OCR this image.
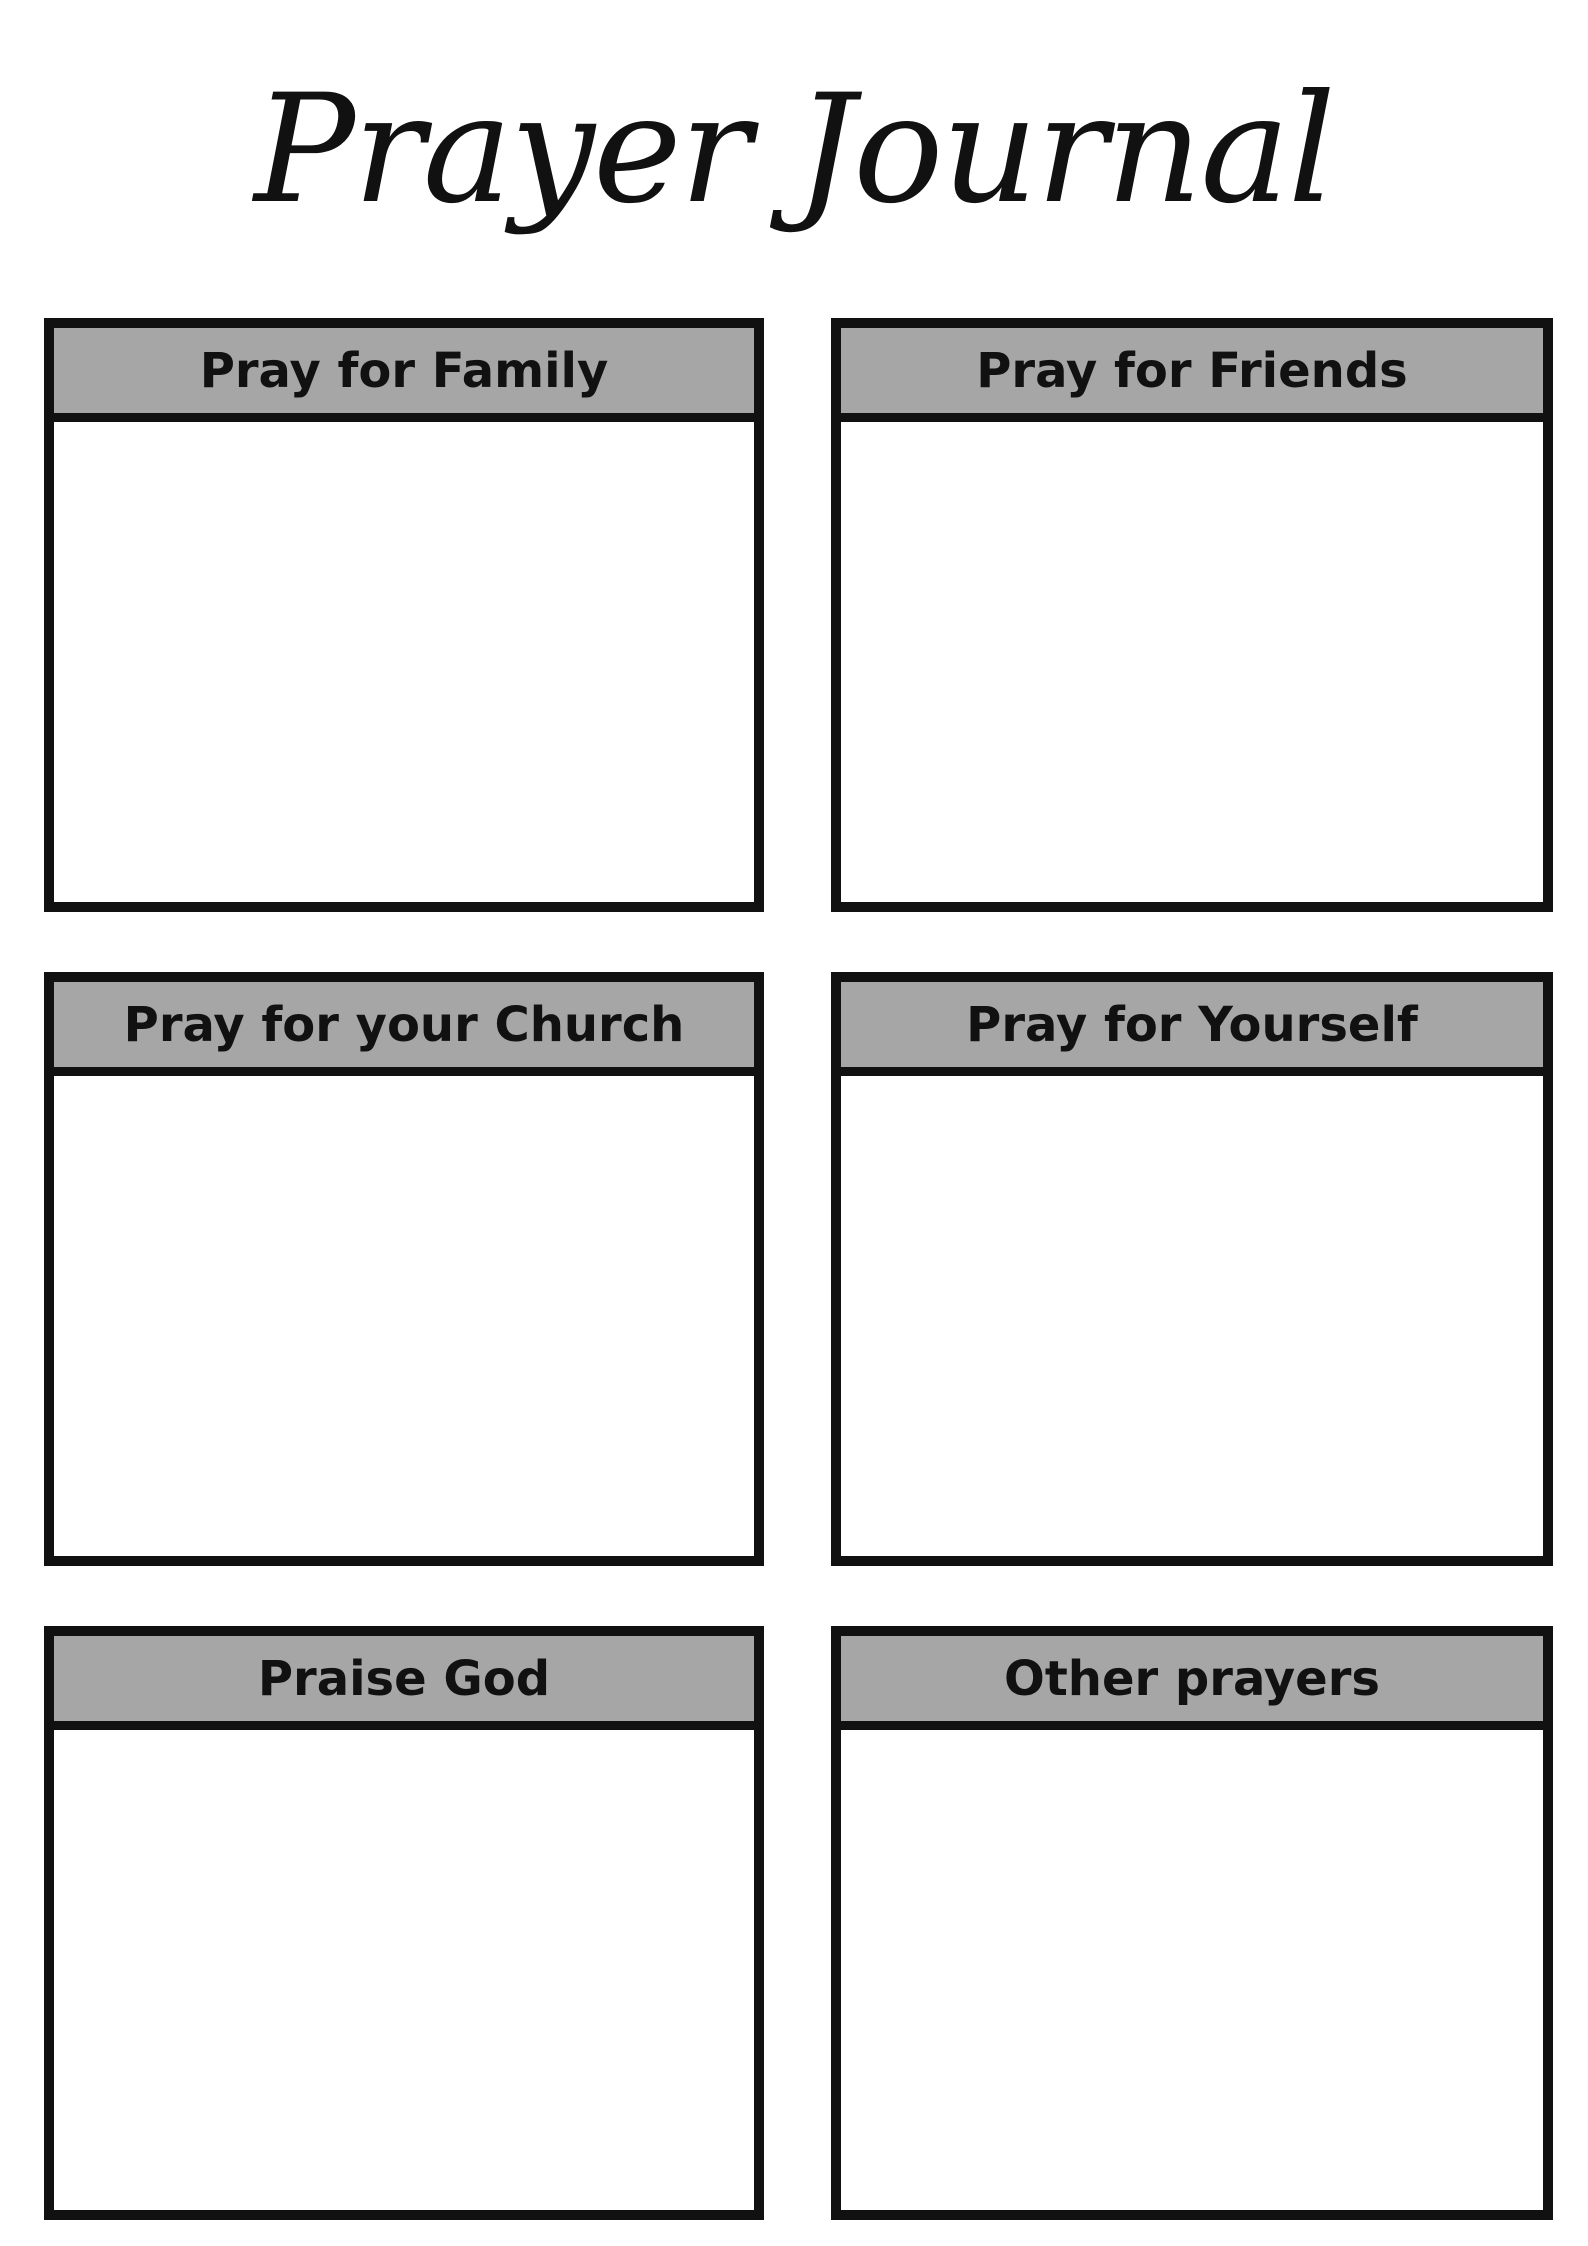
Prayer Journal
Pray for Family	Pray for Friends
Pray for your Church	Pray for Yourself
Praise God	Other prayers
